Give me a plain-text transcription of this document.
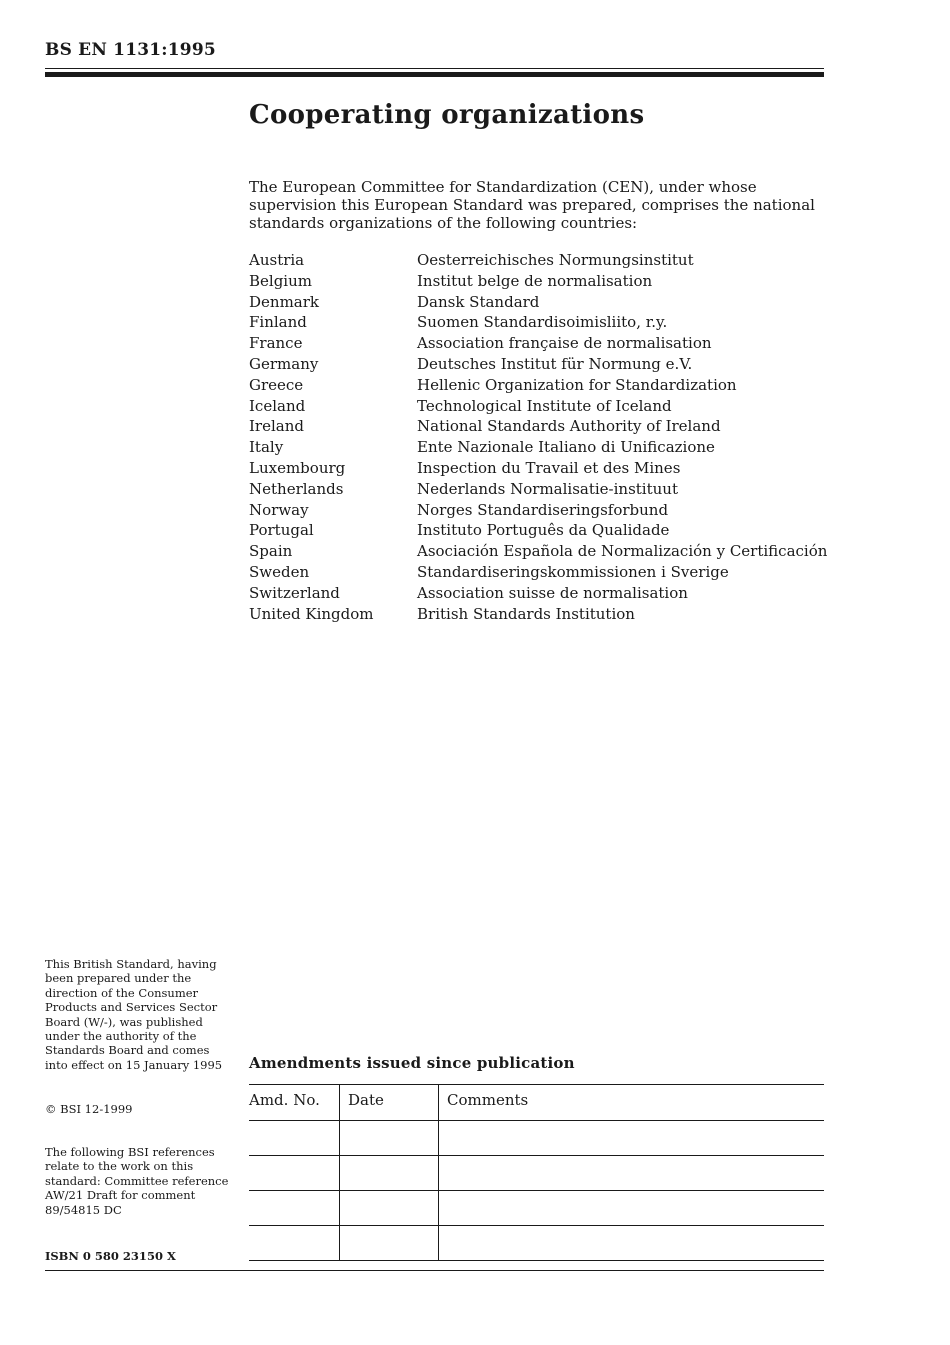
BS EN 1131:1995
Cooperating organizations

The European Committee for Standardization (CEN), under whose supervision this European Standard was prepared, comprises the national standards organizations of the following countries:

Austria	Oesterreichisches Normungsinstitut
Belgium	Institut belge de normalisation
Denmark	Dansk Standard
Finland	Suomen Standardisoimisliito, r.y.
France	Association française de normalisation
Germany	Deutsches Institut für Normung e.V.
Greece	Hellenic Organization for Standardization
Iceland	Technological Institute of Iceland
Ireland	National Standards Authority of Ireland
Italy	Ente Nazionale Italiano di Unificazione
Luxembourg	Inspection du Travail et des Mines
Netherlands	Nederlands Normalisatie-instituut
Norway	Norges Standardiseringsforbund
Portugal	Instituto Português da Qualidade
Spain	Asociación Española de Normalización y Certificación
Sweden	Standardiseringskommissionen i Sverige
Switzerland	Association suisse de normalisation
United Kingdom	British Standards Institution
This British Standard, having been prepared under the direction of the Consumer Products and Services Sector Board (W/-), was published under the authority of the Standards Board and comes into effect on 15 January 1995
© BSI 12-1999
The following BSI references relate to the work on this standard: Committee reference AW/21 Draft for comment 89/54815 DC
ISBN 0 580 23150 X
Amendments issued since publication
Amd. No.	Date	Comments
